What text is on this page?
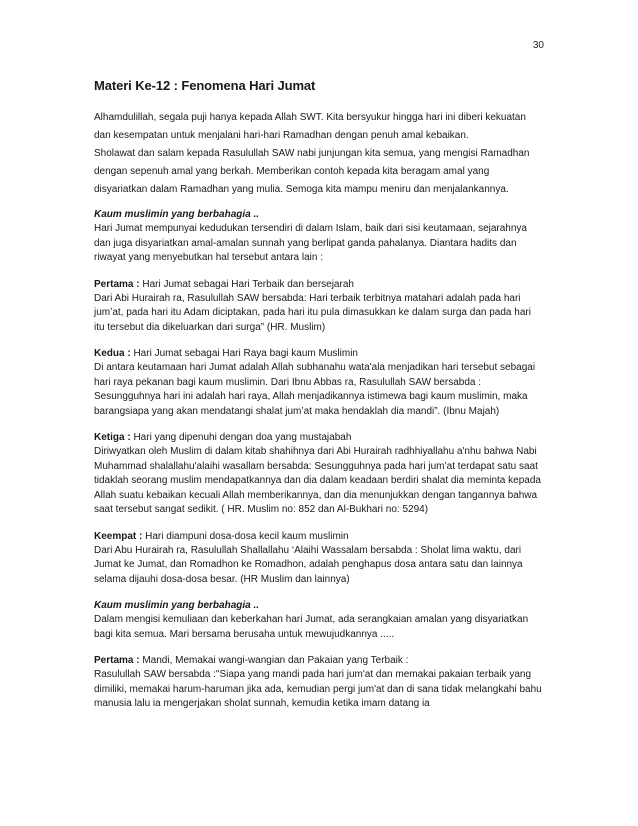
30
Materi Ke-12 : Fenomena Hari Jumat

Alhamdulillah, segala puji hanya kepada Allah SWT. Kita bersyukur hingga hari ini diberi kekuatan dan kesempatan untuk menjalani hari-hari Ramadhan dengan penuh amal kebaikan.

Sholawat dan salam kepada Rasulullah SAW nabi junjungan kita semua, yang mengisi Ramadhan dengan sepenuh amal yang berkah. Memberikan contoh kepada kita beragam amal yang disyariatkan dalam Ramadhan yang mulia. Semoga kita mampu meniru dan menjalankannya.

Kaum muslimin yang berbahagia ..

Hari Jumat mempunyai kedudukan tersendiri di dalam Islam, baik dari sisi keutamaan, sejarahnya dan juga disyariatkan amal-amalan sunnah yang berlipat ganda pahalanya. Diantara hadits dan riwayat yang menyebutkan hal tersebut antara lain :

Pertama : Hari Jumat sebagai Hari Terbaik dan bersejarah

Dari Abi Hurairah ra, Rasulullah SAW bersabda: Hari terbaik terbitnya matahari adalah pada hari jum’at, pada hari itu Adam diciptakan, pada hari itu pula dimasukkan ke dalam surga dan pada hari itu tersebut dia dikeluarkan dari surga” (HR. Muslim)

Kedua : Hari Jumat sebagai Hari Raya bagi kaum Muslimin

Di antara keutamaan hari Jumat adalah Allah subhanahu wata'ala menjadikan hari tersebut sebagai hari raya pekanan bagi kaum muslimin. Dari Ibnu Abbas ra, Rasulullah SAW bersabda : Sesungguhnya hari ini adalah hari raya, Allah menjadikannya istimewa bagi kaum muslimin, maka barangsiapa yang akan mendatangi shalat jum’at maka hendaklah dia mandi”. (Ibnu Majah)

Ketiga : Hari yang dipenuhi dengan doa yang mustajabah

Diriwyatkan oleh Muslim di dalam kitab shahihnya dari Abi Hurairah radhhiyallahu a'nhu bahwa Nabi Muhammad shalallahu'alaihi wasallam bersabda: Sesungguhnya pada hari jum’at terdapat satu saat tidaklah seorang muslim mendapatkannya dan dia dalam keadaan berdiri shalat dia meminta kepada Allah suatu kebaikan kecuali Allah memberikannya, dan dia menunjukkan dengan tangannya bahwa saat tersebut sangat sedikit. ( HR. Muslim no: 852 dan Al-Bukhari no: 5294)

Keempat : Hari diampuni dosa-dosa kecil kaum muslimin

Dari Abu Hurairah ra, Rasulullah Shallallahu ‘Alaihi Wassalam bersabda : Sholat lima waktu, dari Jumat ke Jumat, dan Romadhon ke Romadhon, adalah penghapus dosa antara satu dan lainnya selama dijauhi dosa-dosa besar. (HR Muslim dan lainnya)

Kaum muslimin yang berbahagia ..

Dalam mengisi kemuliaan dan keberkahan hari Jumat, ada serangkaian amalan yang disyariatkan bagi kita semua. Mari bersama berusaha untuk mewujudkannya .....

Pertama : Mandi, Memakai wangi-wangian dan Pakaian yang Terbaik :

Rasulullah SAW bersabda :"Siapa yang mandi pada hari jum'at dan memakai pakaian terbaik yang dimiliki, memakai harum-haruman jika ada, kemudian pergi jum'at dan di sana tidak melangkahi bahu manusia lalu ia mengerjakan sholat sunnah, kemudia ketika imam datang ia
